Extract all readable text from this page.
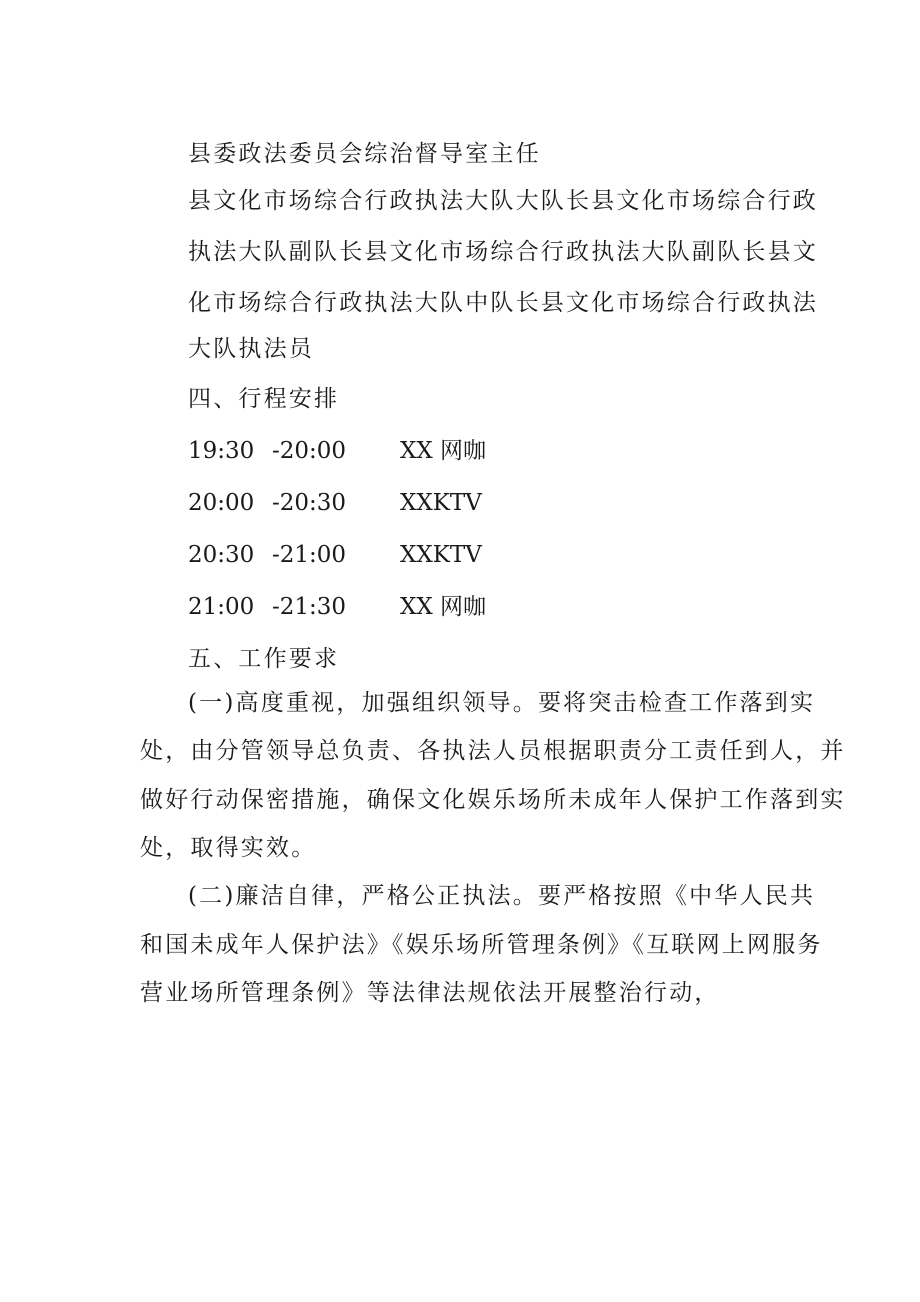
县委政法委员会综治督导室主任
县文化市场综合行政执法大队大队长县文化市场综合行政
执法大队副队长县文化市场综合行政执法大队副队长县文
化市场综合行政执法大队中队长县文化市场综合行政执法
大队执法员
四、行程安排
19:30 -20:00 XX 网咖
20:00 -20:30 XXKTV
20:30 -21:00 XXKTV
21:00 -21:30 XX 网咖
五、工作要求
(一)高度重视，加强组织领导。要将突击检查工作落到实
处，由分管领导总负责、各执法人员根据职责分工责任到人，并
做好行动保密措施，确保文化娱乐场所未成年人保护工作落到实
处，取得实效。
(二)廉洁自律，严格公正执法。要严格按照《中华人民共
和国未成年人保护法》《娱乐场所管理条例》《互联网上网服务
营业场所管理条例》等法律法规依法开展整治行动，
